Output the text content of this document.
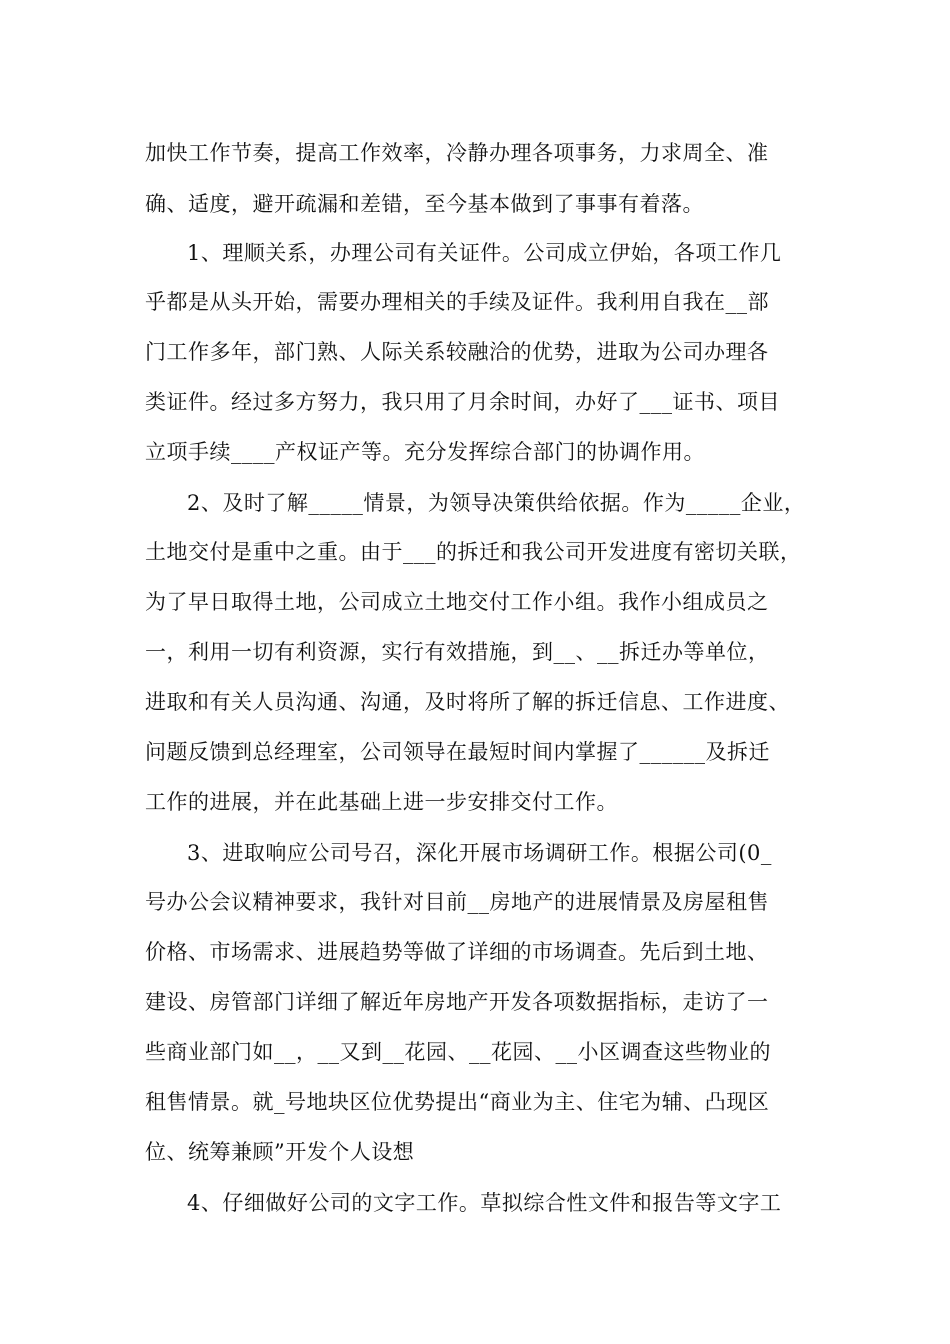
加快工作节奏，提高工作效率，冷静办理各项事务，力求周全、准
确、适度，避开疏漏和差错，至今基本做到了事事有着落。
1、理顺关系，办理公司有关证件。公司成立伊始，各项工作几
乎都是从头开始，需要办理相关的手续及证件。我利用自我在__部
门工作多年，部门熟、人际关系较融洽的优势，进取为公司办理各
类证件。经过多方努力，我只用了月余时间，办好了___证书、项目
立项手续____产权证产等。充分发挥综合部门的协调作用。
2、及时了解_____情景，为领导决策供给依据。作为_____企业，
土地交付是重中之重。由于___的拆迁和我公司开发进度有密切关联，
为了早日取得土地，公司成立土地交付工作小组。我作小组成员之
一，利用一切有利资源，实行有效措施，到__、__拆迁办等单位，
进取和有关人员沟通、沟通，及时将所了解的拆迁信息、工作进度、
问题反馈到总经理室，公司领导在最短时间内掌握了______及拆迁
工作的进展，并在此基础上进一步安排交付工作。
3、进取响应公司号召，深化开展市场调研工作。根据公司(0_
号办公会议精神要求，我针对目前__房地产的进展情景及房屋租售
价格、市场需求、进展趋势等做了详细的市场调查。先后到土地、
建设、房管部门详细了解近年房地产开发各项数据指标，走访了一
些商业部门如__，__又到__花园、__花园、__小区调查这些物业的
租售情景。就_号地块区位优势提出“商业为主、住宅为辅、凸现区
位、统筹兼顾”开发个人设想
4、仔细做好公司的文字工作。草拟综合性文件和报告等文字工
